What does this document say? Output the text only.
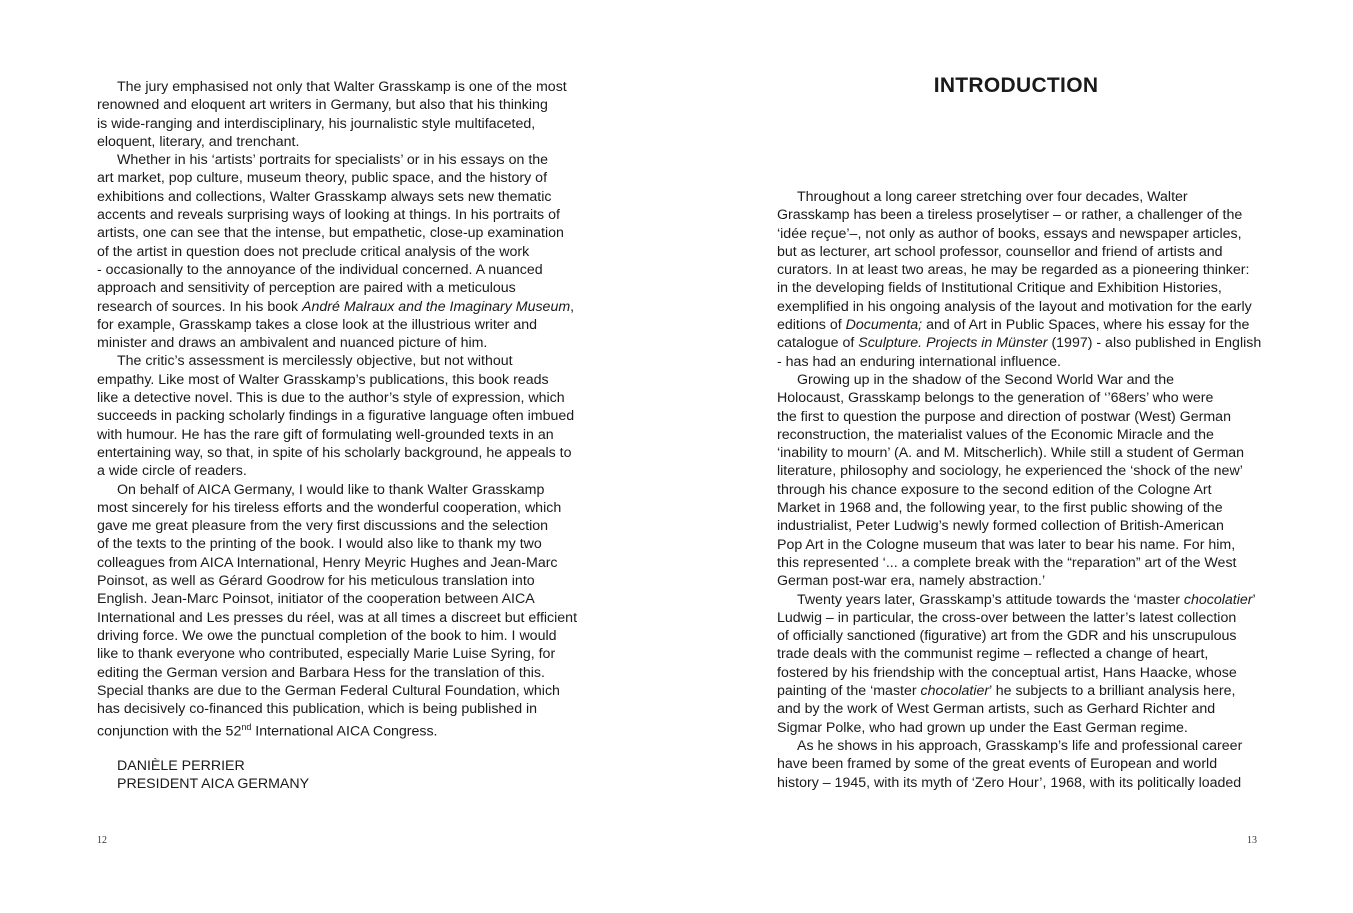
The jury emphasised not only that Walter Grasskamp is one of the most
renowned and eloquent art writers in Germany, but also that his thinking
is wide-ranging and interdisciplinary, his journalistic style multifaceted,
eloquent, literary, and trenchant.
Whether in his ‘artists’ portraits for specialists’ or in his essays on the
art market, pop culture, museum theory, public space, and the history of
exhibitions and collections, Walter Grasskamp always sets new thematic
accents and reveals surprising ways of looking at things. In his portraits of
artists, one can see that the intense, but empathetic, close-up examination
of the artist in question does not preclude critical analysis of the work
- occasionally to the annoyance of the individual concerned. A nuanced
approach and sensitivity of perception are paired with a meticulous
research of sources. In his book André Malraux and the Imaginary Museum,
for example, Grasskamp takes a close look at the illustrious writer and
minister and draws an ambivalent and nuanced picture of him.
The critic’s assessment is mercilessly objective, but not without
empathy. Like most of Walter Grasskamp’s publications, this book reads
like a detective novel. This is due to the author’s style of expression, which
succeeds in packing scholarly findings in a figurative language often imbued
with humour. He has the rare gift of formulating well-grounded texts in an
entertaining way, so that, in spite of his scholarly background, he appeals to
a wide circle of readers.
On behalf of AICA Germany, I would like to thank Walter Grasskamp
most sincerely for his tireless efforts and the wonderful cooperation, which
gave me great pleasure from the very first discussions and the selection
of the texts to the printing of the book. I would also like to thank my two
colleagues from AICA International, Henry Meyric Hughes and Jean-Marc
Poinsot, as well as Gérard Goodrow for his meticulous translation into
English. Jean-Marc Poinsot, initiator of the cooperation between AICA
International and Les presses du réel, was at all times a discreet but efficient
driving force. We owe the punctual completion of the book to him. I would
like to thank everyone who contributed, especially Marie Luise Syring, for
editing the German version and Barbara Hess for the translation of this.
Special thanks are due to the German Federal Cultural Foundation, which
has decisively co-financed this publication, which is being published in
conjunction with the 52nd International AICA Congress.
DANIÈLE PERRIER
PRESIDENT AICA GERMANY
12
INTRODUCTION
Throughout a long career stretching over four decades, Walter
Grasskamp has been a tireless proselytiser – or rather, a challenger of the
‘idée reçue’–, not only as author of books, essays and newspaper articles,
but as lecturer, art school professor, counsellor and friend of artists and
curators. In at least two areas, he may be regarded as a pioneering thinker:
in the developing fields of Institutional Critique and Exhibition Histories,
exemplified in his ongoing analysis of the layout and motivation for the early
editions of Documenta; and of Art in Public Spaces, where his essay for the
catalogue of Sculpture. Projects in Münster (1997) - also published in English
- has had an enduring international influence.
Growing up in the shadow of the Second World War and the
Holocaust, Grasskamp belongs to the generation of ‘’68ers’ who were
the first to question the purpose and direction of postwar (West) German
reconstruction, the materialist values of the Economic Miracle and the
‘inability to mourn’ (A. and M. Mitscherlich). While still a student of German
literature, philosophy and sociology, he experienced the ‘shock of the new’
through his chance exposure to the second edition of the Cologne Art
Market in 1968 and, the following year, to the first public showing of the
industrialist, Peter Ludwig’s newly formed collection of British-American
Pop Art in the Cologne museum that was later to bear his name. For him,
this represented ‘... a complete break with the “reparation” art of the West
German post-war era, namely abstraction.’
Twenty years later, Grasskamp’s attitude towards the ‘master chocolatier’
Ludwig – in particular, the cross-over between the latter’s latest collection
of officially sanctioned (figurative) art from the GDR and his unscrupulous
trade deals with the communist regime – reflected a change of heart,
fostered by his friendship with the conceptual artist, Hans Haacke, whose
painting of the ‘master chocolatier’ he subjects to a brilliant analysis here,
and by the work of West German artists, such as Gerhard Richter and
Sigmar Polke, who had grown up under the East German regime.
As he shows in his approach, Grasskamp’s life and professional career
have been framed by some of the great events of European and world
history – 1945, with its myth of ‘Zero Hour’, 1968, with its politically loaded
13
